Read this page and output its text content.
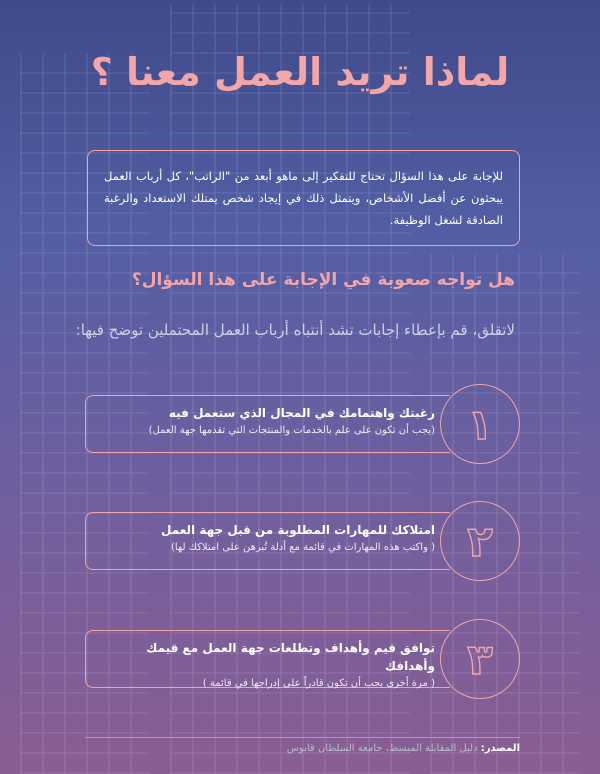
لماذا تريد العمل معنا ؟
للإجابة على هذا السؤال تحتاج للتفكير إلى ماهو أبعد من "الراتب"، كل أرباب العمل يبحثون عن أفضل الأشخاص، ويتمثل ذلك في إيجاد شخص يمتلك الاستعداد والرغبة الصادقة لشغل الوظيفة.
هل تواجه صعوبة في الإجابة على هذا السؤال؟
لاتقلق، قم بإعطاء إجابات تشد أنتباه أرباب العمل المحتملين توضح فيها:
١
رغبتك واهتمامك في المجال الذي ستعمل فيه
(يجب أن تكون على علم بالخدمات والمنتجات التي تقدمها جهة العمل)
٢
امتلاكك للمهارات المطلوبة من قبل جهة العمل
( واكتب هذه المهارات في قائمة مع أدلة تُبرهن على امتلاكك لها)
٣
توافق قيم وأهداف وتطلعات جهة العمل مع قيمك وأهدافك
( مرة أخرى يجب أن تكون قادراً على إدراجها في قائمة )
المصدر: دليل المقابلة المبسط، جامعة السلطان قابوس
